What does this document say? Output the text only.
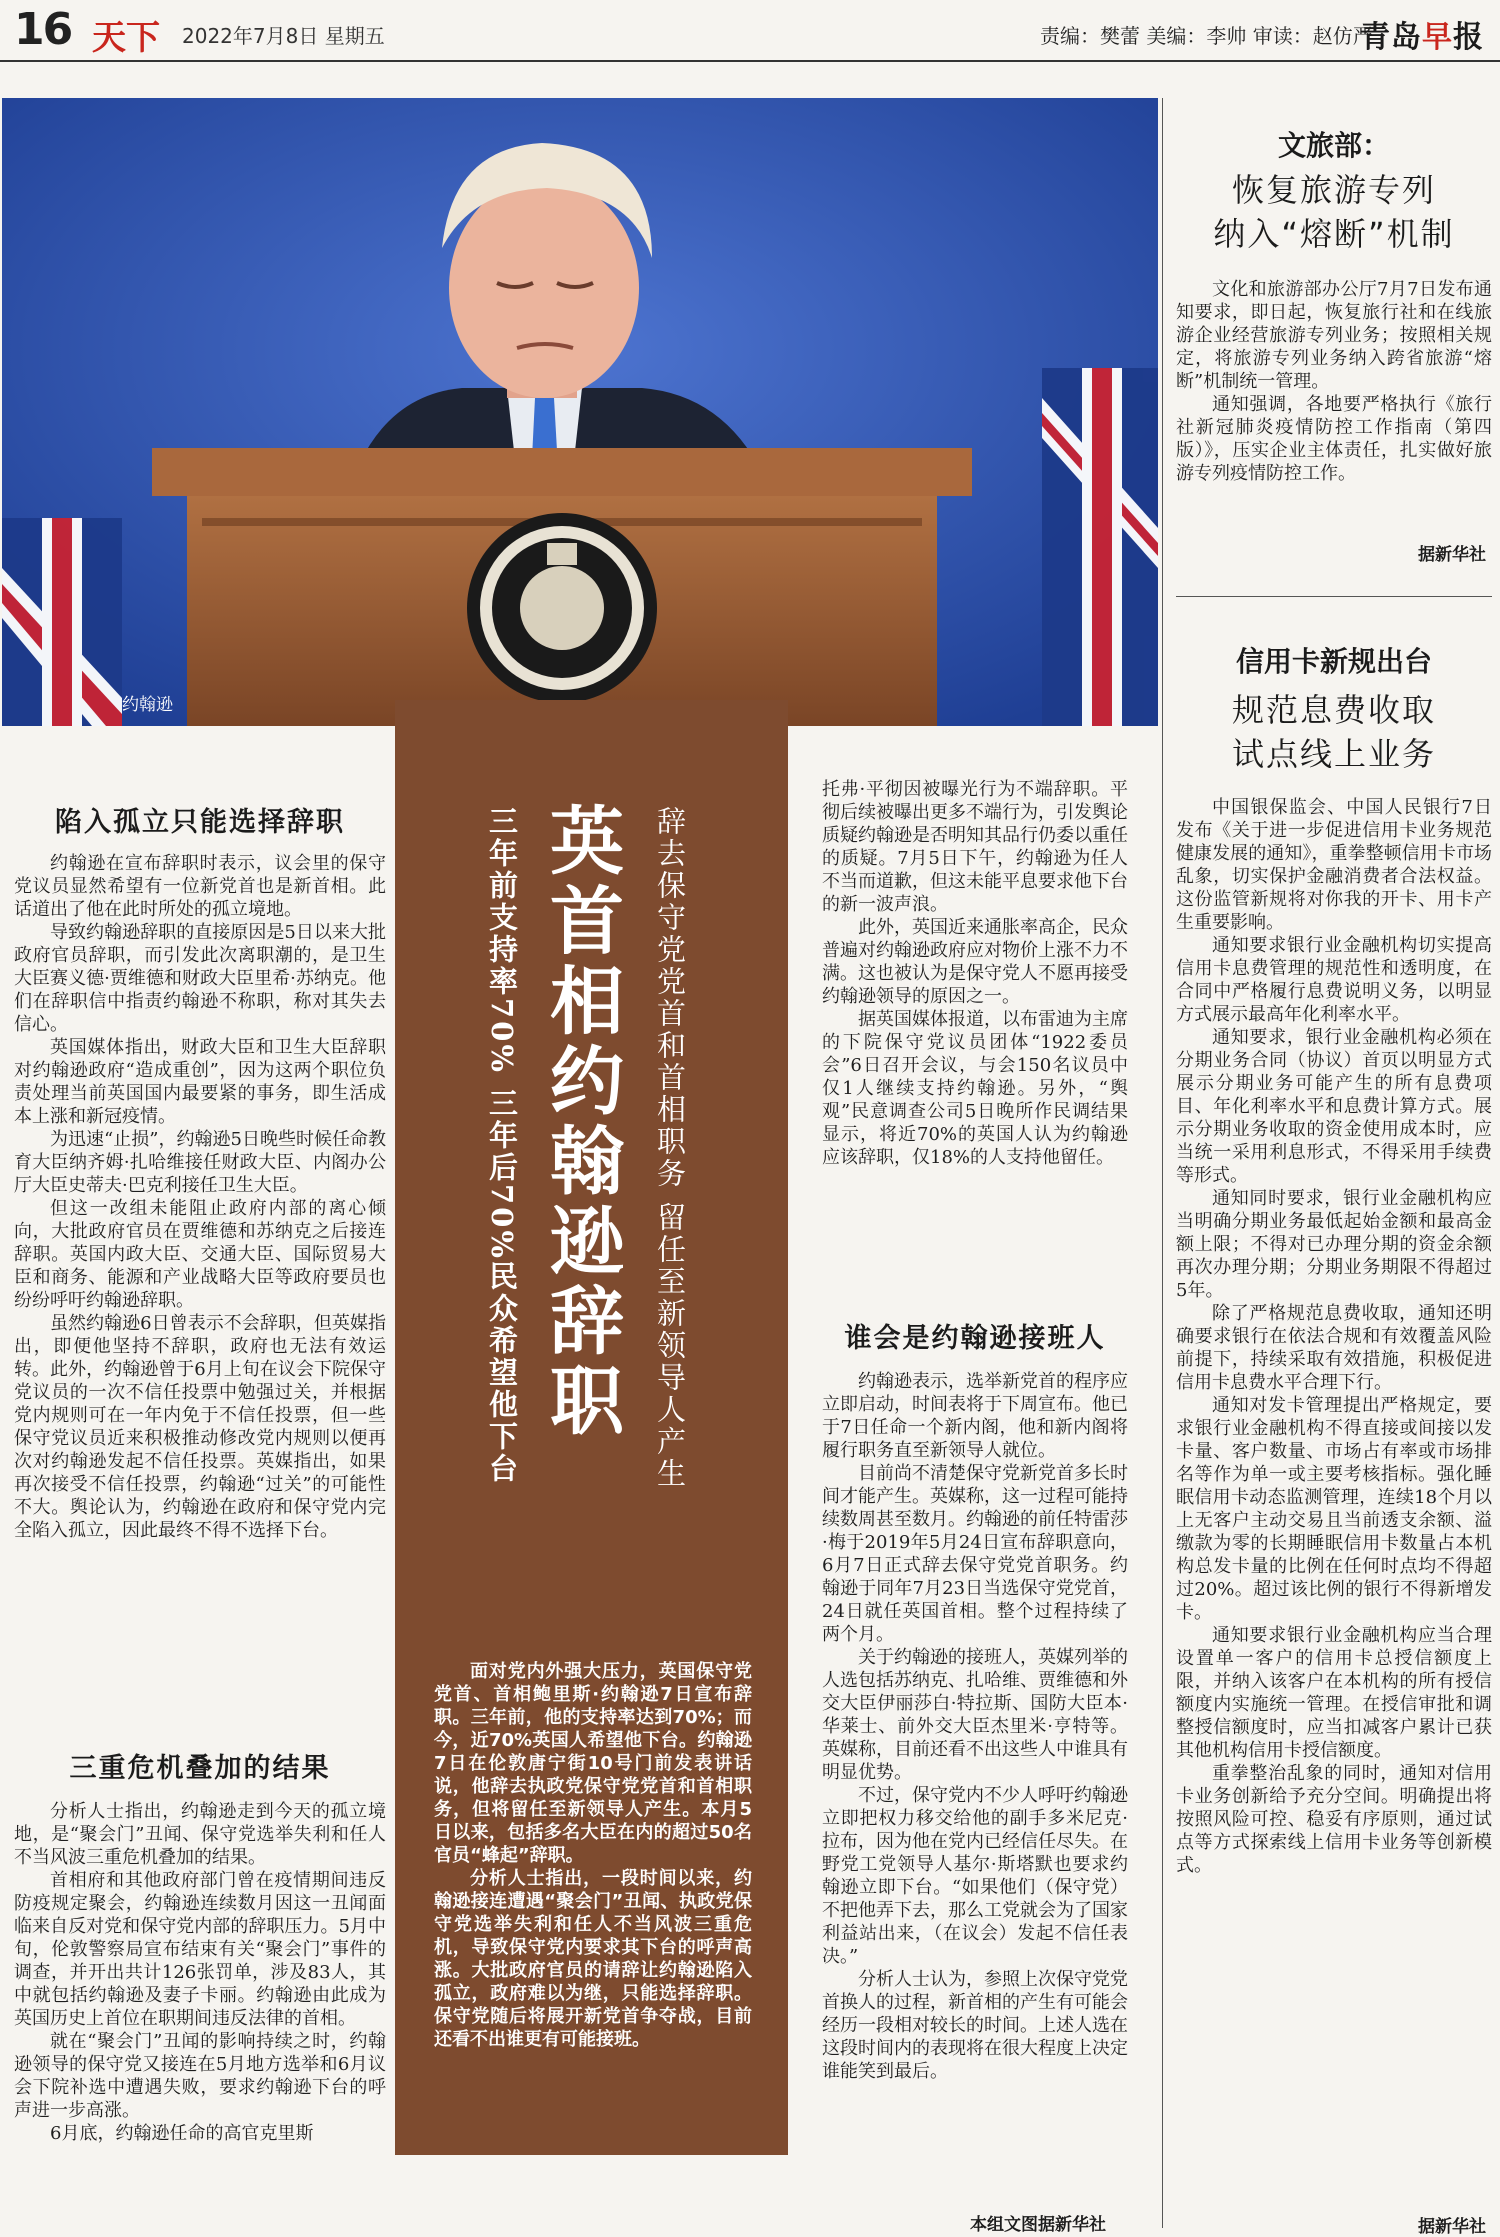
16 天下 2022年7月8日 星期五	责编：樊蕾 美编：李帅 审读：赵仿严
青岛早报
约翰逊
辞去保守党党首和首相职务 留任至新领导人产生
英首相约翰逊辞职
三年前支持率70% 三年后70%民众希望他下台

面对党内外强大压力，英国保守党党首、首相鲍里斯·约翰逊7日宣布辞职。三年前，他的支持率达到70%；而今，近70%英国人希望他下台。约翰逊7日在伦敦唐宁街10号门前发表讲话说，他辞去执政党保守党党首和首相职务，但将留任至新领导人产生。本月5日以来，包括多名大臣在内的超过50名官员“蜂起”辞职。

分析人士指出，一段时间以来，约翰逊接连遭遇“聚会门”丑闻、执政党保守党选举失利和任人不当风波三重危机，导致保守党内要求其下台的呼声高涨。大批政府官员的请辞让约翰逊陷入孤立，政府难以为继，只能选择辞职。保守党随后将展开新党首争夺战，目前还看不出谁更有可能接班。

陷入孤立只能选择辞职

约翰逊在宣布辞职时表示，议会里的保守党议员显然希望有一位新党首也是新首相。此话道出了他在此时所处的孤立境地。

导致约翰逊辞职的直接原因是5日以来大批政府官员辞职，而引发此次离职潮的，是卫生大臣赛义德·贾维德和财政大臣里希·苏纳克。他们在辞职信中指责约翰逊不称职，称对其失去信心。

英国媒体指出，财政大臣和卫生大臣辞职对约翰逊政府“造成重创”，因为这两个职位负责处理当前英国国内最要紧的事务，即生活成本上涨和新冠疫情。

为迅速“止损”，约翰逊5日晚些时候任命教育大臣纳齐姆·扎哈维接任财政大臣、内阁办公厅大臣史蒂夫·巴克利接任卫生大臣。

但这一改组未能阻止政府内部的离心倾向，大批政府官员在贾维德和苏纳克之后接连辞职。英国内政大臣、交通大臣、国际贸易大臣和商务、能源和产业战略大臣等政府要员也纷纷呼吁约翰逊辞职。

虽然约翰逊6日曾表示不会辞职，但英媒指出，即便他坚持不辞职，政府也无法有效运转。此外，约翰逊曾于6月上旬在议会下院保守党议员的一次不信任投票中勉强过关，并根据党内规则可在一年内免于不信任投票，但一些保守党议员近来积极推动修改党内规则以便再次对约翰逊发起不信任投票。英媒指出，如果再次接受不信任投票，约翰逊“过关”的可能性不大。舆论认为，约翰逊在政府和保守党内完全陷入孤立，因此最终不得不选择下台。

三重危机叠加的结果

分析人士指出，约翰逊走到今天的孤立境地，是“聚会门”丑闻、保守党选举失利和任人不当风波三重危机叠加的结果。

首相府和其他政府部门曾在疫情期间违反防疫规定聚会，约翰逊连续数月因这一丑闻面临来自反对党和保守党内部的辞职压力。5月中旬，伦敦警察局宣布结束有关“聚会门”事件的调查，并开出共计126张罚单，涉及83人，其中就包括约翰逊及妻子卡丽。约翰逊由此成为英国历史上首位在职期间违反法律的首相。

就在“聚会门”丑闻的影响持续之时，约翰逊领导的保守党又接连在5月地方选举和6月议会下院补选中遭遇失败，要求约翰逊下台的呼声进一步高涨。

6月底，约翰逊任命的高官克里斯

托弗·平彻因被曝光行为不端辞职。平彻后续被曝出更多不端行为，引发舆论质疑约翰逊是否明知其品行仍委以重任的质疑。7月5日下午，约翰逊为任人不当而道歉，但这未能平息要求他下台的新一波声浪。

此外，英国近来通胀率高企，民众普遍对约翰逊政府应对物价上涨不力不满。这也被认为是保守党人不愿再接受约翰逊领导的原因之一。

据英国媒体报道，以布雷迪为主席的下院保守党议员团体“1922委员会”6日召开会议，与会150名议员中仅1人继续支持约翰逊。另外，“舆观”民意调查公司5日晚所作民调结果显示，将近70%的英国人认为约翰逊应该辞职，仅18%的人支持他留任。

谁会是约翰逊接班人

约翰逊表示，选举新党首的程序应立即启动，时间表将于下周宣布。他已于7日任命一个新内阁，他和新内阁将履行职务直至新领导人就位。

目前尚不清楚保守党新党首多长时间才能产生。英媒称，这一过程可能持续数周甚至数月。约翰逊的前任特雷莎·梅于2019年5月24日宣布辞职意向，6月7日正式辞去保守党党首职务。约翰逊于同年7月23日当选保守党党首，24日就任英国首相。整个过程持续了两个月。

关于约翰逊的接班人，英媒列举的人选包括苏纳克、扎哈维、贾维德和外交大臣伊丽莎白·特拉斯、国防大臣本·华莱士、前外交大臣杰里米·亨特等。英媒称，目前还看不出这些人中谁具有明显优势。

不过，保守党内不少人呼吁约翰逊立即把权力移交给他的副手多米尼克·拉布，因为他在党内已经信任尽失。在野党工党领导人基尔·斯塔默也要求约翰逊立即下台。“如果他们（保守党）不把他弄下去，那么工党就会为了国家利益站出来，（在议会）发起不信任表决。”

分析人士认为，参照上次保守党党首换人的过程，新首相的产生有可能会经历一段相对较长的时间。上述人选在这段时间内的表现将在很大程度上决定谁能笑到最后。

本组文图据新华社
文旅部：
恢复旅游专列
纳入“熔断”机制

文化和旅游部办公厅7月7日发布通知要求，即日起，恢复旅行社和在线旅游企业经营旅游专列业务；按照相关规定，将旅游专列业务纳入跨省旅游“熔断”机制统一管理。

通知强调，各地要严格执行《旅行社新冠肺炎疫情防控工作指南（第四版）》，压实企业主体责任，扎实做好旅游专列疫情防控工作。

据新华社
信用卡新规出台
规范息费收取
试点线上业务

中国银保监会、中国人民银行7日发布《关于进一步促进信用卡业务规范健康发展的通知》，重拳整顿信用卡市场乱象，切实保护金融消费者合法权益。这份监管新规将对你我的开卡、用卡产生重要影响。

通知要求银行业金融机构切实提高信用卡息费管理的规范性和透明度，在合同中严格履行息费说明义务，以明显方式展示最高年化利率水平。

通知要求，银行业金融机构必须在分期业务合同（协议）首页以明显方式展示分期业务可能产生的所有息费项目、年化利率水平和息费计算方式。展示分期业务收取的资金使用成本时，应当统一采用利息形式，不得采用手续费等形式。

通知同时要求，银行业金融机构应当明确分期业务最低起始金额和最高金额上限；不得对已办理分期的资金余额再次办理分期；分期业务期限不得超过5年。

除了严格规范息费收取，通知还明确要求银行在依法合规和有效覆盖风险前提下，持续采取有效措施，积极促进信用卡息费水平合理下行。

通知对发卡管理提出严格规定，要求银行业金融机构不得直接或间接以发卡量、客户数量、市场占有率或市场排名等作为单一或主要考核指标。强化睡眠信用卡动态监测管理，连续18个月以上无客户主动交易且当前透支余额、溢缴款为零的长期睡眠信用卡数量占本机构总发卡量的比例在任何时点均不得超过20%。超过该比例的银行不得新增发卡。

通知要求银行业金融机构应当合理设置单一客户的信用卡总授信额度上限，并纳入该客户在本机构的所有授信额度内实施统一管理。在授信审批和调整授信额度时，应当扣减客户累计已获其他机构信用卡授信额度。

重拳整治乱象的同时，通知对信用卡业务创新给予充分空间。明确提出将按照风险可控、稳妥有序原则，通过试点等方式探索线上信用卡业务等创新模式。

据新华社
